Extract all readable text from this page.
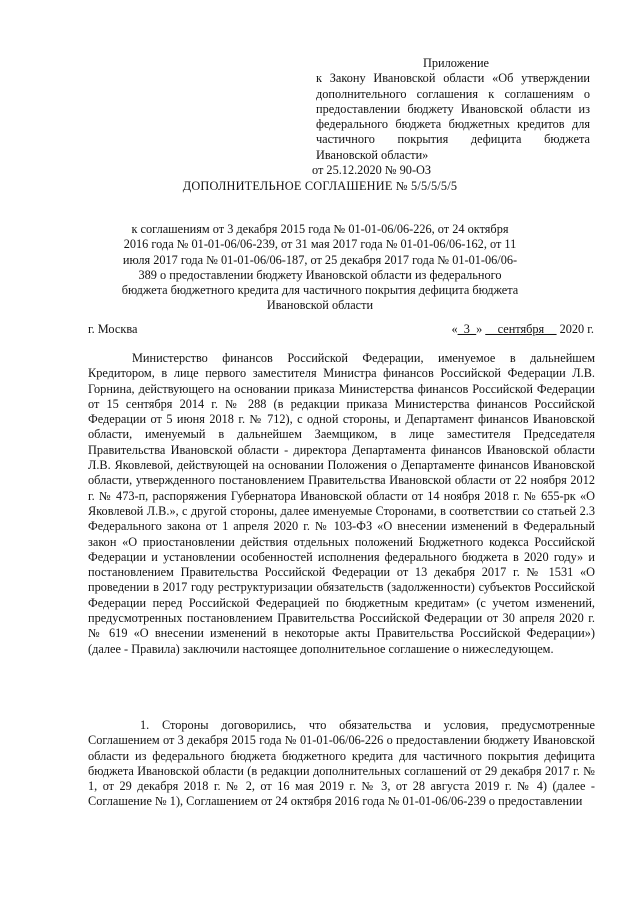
Приложение

к Закону Ивановской области «Об утверждении дополнительного соглашения к соглашениям о предоставлении бюджету Ивановской области из федерального бюджета бюджетных кредитов для частичного покрытия дефицита бюджета Ивановской области»

от 25.12.2020 № 90-ОЗ

ДОПОЛНИТЕЛЬНОЕ СОГЛАШЕНИЕ № 5/5/5/5/5

к соглашениям от 3 декабря 2015 года № 01-01-06/06-226, от 24 октября 2016 года № 01-01-06/06-239, от 31 мая 2017 года № 01-01-06/06-162, от 11 июля 2017 года № 01-01-06/06-187, от 25 декабря 2017 года № 01-01-06/06-389 о предоставлении бюджету Ивановской области из федерального бюджета бюджетного кредита для частичного покрытия дефицита бюджета Ивановской области

г. Москва	«_3_» __сентября__ 2020 г.

Министерство финансов Российской Федерации, именуемое в дальнейшем Кредитором, в лице первого заместителя Министра финансов Российской Федерации Л.В. Горнина, действующего на основании приказа Министерства финансов Российской Федерации от 15 сентября 2014 г. № 288 (в редакции приказа Министерства финансов Российской Федерации от 5 июня 2018 г. № 712), с одной стороны, и Департамент финансов Ивановской области, именуемый в дальнейшем Заемщиком, в лице заместителя Председателя Правительства Ивановской области - директора Департамента финансов Ивановской области Л.В. Яковлевой, действующей на основании Положения о Департаменте финансов Ивановской области, утвержденного постановлением Правительства Ивановской области от 22 ноября 2012 г. № 473-п, распоряжения Губернатора Ивановской области от 14 ноября 2018 г. № 655-рк «О Яковлевой Л.В.», с другой стороны, далее именуемые Сторонами, в соответствии со статьей 2.3 Федерального закона от 1 апреля 2020 г. № 103-ФЗ «О внесении изменений в Федеральный закон «О приостановлении действия отдельных положений Бюджетного кодекса Российской Федерации и установлении особенностей исполнения федерального бюджета в 2020 году» и постановлением Правительства Российской Федерации от 13 декабря 2017 г. № 1531 «О проведении в 2017 году реструктуризации обязательств (задолженности) субъектов Российской Федерации перед Российской Федерацией по бюджетным кредитам» (с учетом изменений, предусмотренных постановлением Правительства Российской Федерации от 30 апреля 2020 г. № 619 «О внесении изменений в некоторые акты Правительства Российской Федерации») (далее - Правила) заключили настоящее дополнительное соглашение о нижеследующем.

1. Стороны договорились, что обязательства и условия, предусмотренные Соглашением от 3 декабря 2015 года № 01-01-06/06-226 о предоставлении бюджету Ивановской области из федерального бюджета бюджетного кредита для частичного покрытия дефицита бюджета Ивановской области (в редакции дополнительных соглашений от 29 декабря 2017 г. № 1, от 29 декабря 2018 г. № 2, от 16 мая 2019 г. № 3, от 28 августа 2019 г. № 4) (далее - Соглашение № 1), Соглашением от 24 октября 2016 года № 01-01-06/06-239 о предоставлении
